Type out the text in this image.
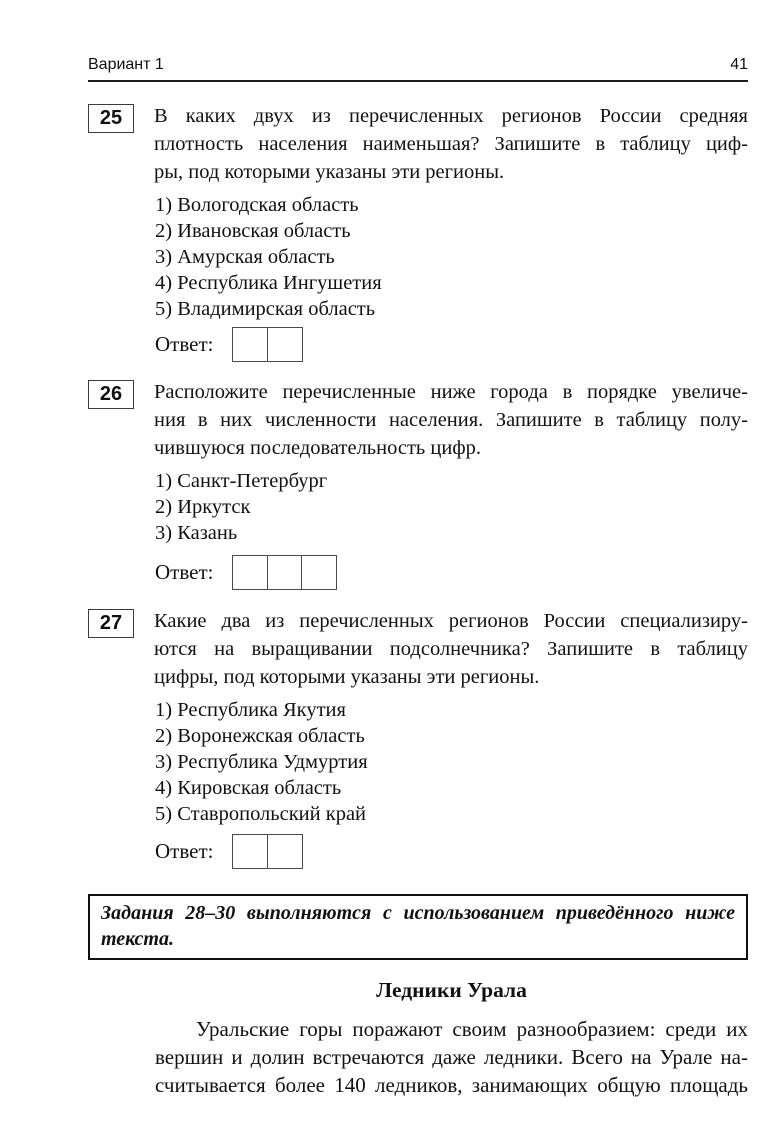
Вариант 1	41
25	В каких двух из перечисленных регионов России средняя
плотность населения наименьшая? Запишите в таблицу циф-
ры, под которыми указаны эти регионы.
1) Вологодская область
2) Ивановская область
3) Амурская область
4) Республика Ингушетия
5) Владимирская область
Ответ:
26	Расположите перечисленные ниже города в порядке увеличе-
ния в них численности населения. Запишите в таблицу полу-
чившуюся последовательность цифр.
1) Санкт-Петербург
2) Иркутск
3) Казань
Ответ:
27	Какие два из перечисленных регионов России специализиру-
ются на выращивании подсолнечника? Запишите в таблицу
цифры, под которыми указаны эти регионы.
1) Республика Якутия
2) Воронежская область
3) Республика Удмуртия
4) Кировская область
5) Ставропольский край
Ответ:
Задания 28–30 выполняются с использованием приведённого ниже
текста.
Ледники Урала
Уральские горы поражают своим разнообразием: среди их
вершин и долин встречаются даже ледники. Всего на Урале на-
считывается более 140 ледников, занимающих общую площадь
